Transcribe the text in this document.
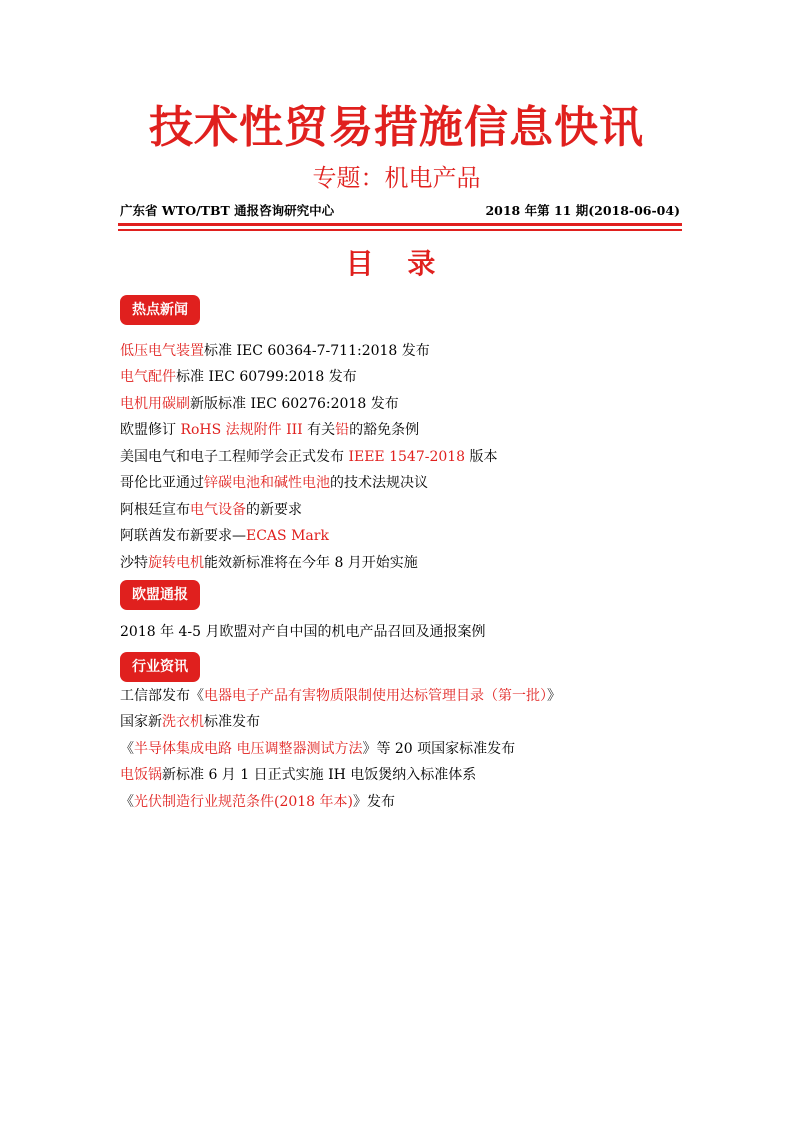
技术性贸易措施信息快讯
专题：机电产品
广东省 WTO/TBT 通报咨询研究中心	2018 年第 11 期(2018-06-04)
目 录
热点新闻
低压电气装置标准 IEC 60364-7-711:2018 发布
电气配件标准 IEC 60799:2018 发布
电机用碳刷新版标准 IEC 60276:2018 发布
欧盟修订 RoHS 法规附件 III 有关铅的豁免条例
美国电气和电子工程师学会正式发布 IEEE 1547-2018 版本
哥伦比亚通过锌碳电池和碱性电池的技术法规决议
阿根廷宣布电气设备的新要求
阿联酋发布新要求—ECAS Mark
沙特旋转电机能效新标准将在今年 8 月开始实施
欧盟通报
2018 年 4-5 月欧盟对产自中国的机电产品召回及通报案例
行业资讯
工信部发布《电器电子产品有害物质限制使用达标管理目录（第一批）》
国家新洗衣机标准发布
《半导体集成电路 电压调整器测试方法》等 20 项国家标准发布
电饭锅新标准 6 月 1 日正式实施 IH 电饭煲纳入标准体系
《光伏制造行业规范条件(2018 年本)》发布
